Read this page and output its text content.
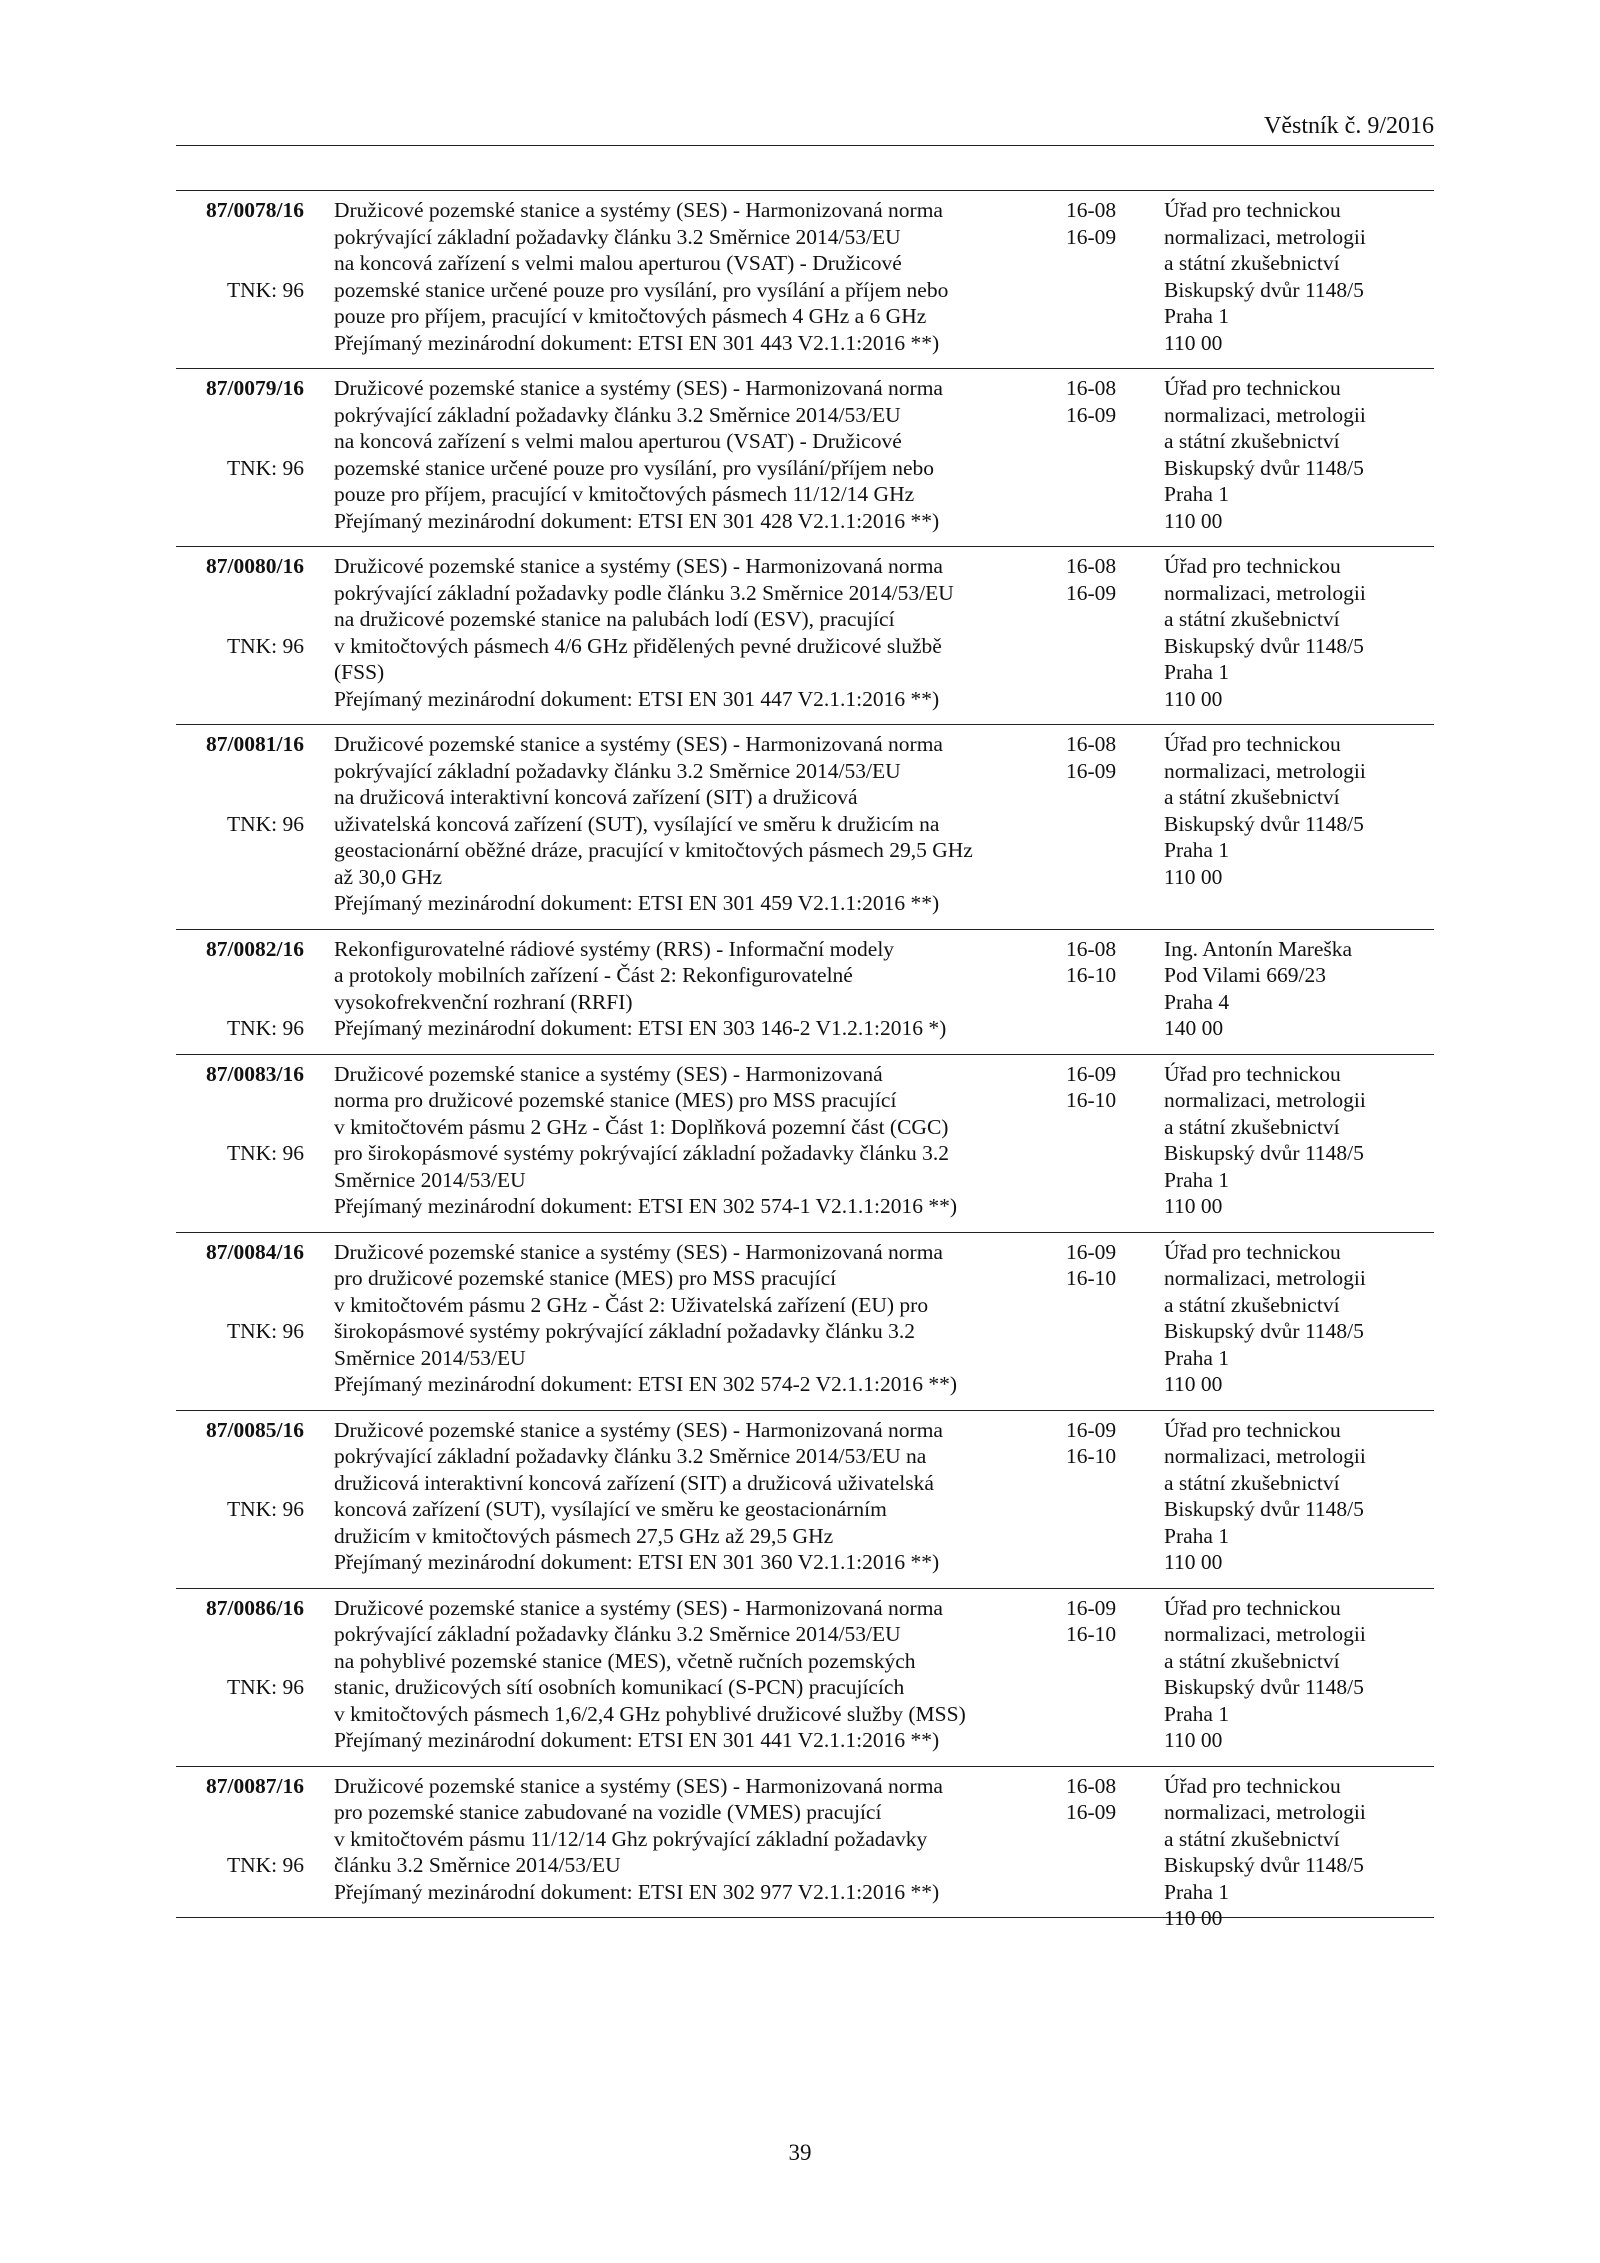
Věstník č. 9/2016
87/0078/16
TNK: 96
Družicové pozemské stanice a systémy (SES) - Harmonizovaná norma
pokrývající základní požadavky článku 3.2 Směrnice 2014/53/EU
na koncová zařízení s velmi malou aperturou (VSAT) - Družicové
pozemské stanice určené pouze pro vysílání, pro vysílání a příjem nebo
pouze pro příjem, pracující v kmitočtových pásmech 4 GHz a 6 GHz
Přejímaný mezinárodní dokument: ETSI EN 301 443 V2.1.1:2016 **)
16-08
16-09
Úřad pro technickou
normalizaci, metrologii
a státní zkušebnictví
Biskupský dvůr 1148/5
Praha 1
110 00
87/0079/16
TNK: 96
Družicové pozemské stanice a systémy (SES) - Harmonizovaná norma
pokrývající základní požadavky článku 3.2 Směrnice 2014/53/EU
na koncová zařízení s velmi malou aperturou (VSAT) - Družicové
pozemské stanice určené pouze pro vysílání, pro vysílání/příjem nebo
pouze pro příjem, pracující v kmitočtových pásmech 11/12/14 GHz
Přejímaný mezinárodní dokument: ETSI EN 301 428 V2.1.1:2016 **)
16-08
16-09
Úřad pro technickou
normalizaci, metrologii
a státní zkušebnictví
Biskupský dvůr 1148/5
Praha 1
110 00
87/0080/16
TNK: 96
Družicové pozemské stanice a systémy (SES) - Harmonizovaná norma
pokrývající základní požadavky podle článku 3.2 Směrnice 2014/53/EU
na družicové pozemské stanice na palubách lodí (ESV), pracující
v kmitočtových pásmech 4/6 GHz přidělených pevné družicové službě
(FSS)
Přejímaný mezinárodní dokument: ETSI EN 301 447 V2.1.1:2016 **)
16-08
16-09
Úřad pro technickou
normalizaci, metrologii
a státní zkušebnictví
Biskupský dvůr 1148/5
Praha 1
110 00
87/0081/16
TNK: 96
Družicové pozemské stanice a systémy (SES) - Harmonizovaná norma
pokrývající základní požadavky článku 3.2 Směrnice 2014/53/EU
na družicová interaktivní koncová zařízení (SIT) a družicová
uživatelská koncová zařízení (SUT), vysílající ve směru k družicím na
geostacionární oběžné dráze, pracující v kmitočtových pásmech 29,5 GHz
až 30,0 GHz
Přejímaný mezinárodní dokument: ETSI EN 301 459 V2.1.1:2016 **)
16-08
16-09
Úřad pro technickou
normalizaci, metrologii
a státní zkušebnictví
Biskupský dvůr 1148/5
Praha 1
110 00
87/0082/16
TNK: 96
Rekonfigurovatelné rádiové systémy (RRS) - Informační modely
a protokoly mobilních zařízení - Část 2: Rekonfigurovatelné
vysokofrekvenční rozhraní (RRFI)
Přejímaný mezinárodní dokument: ETSI EN 303 146-2 V1.2.1:2016 *)
16-08
16-10
Ing. Antonín Mareška
Pod Vilami 669/23
Praha 4
140 00
87/0083/16
TNK: 96
Družicové pozemské stanice a systémy (SES) - Harmonizovaná
norma pro družicové pozemské stanice (MES) pro MSS pracující
v kmitočtovém pásmu 2 GHz - Část 1: Doplňková pozemní část (CGC)
pro širokopásmové systémy pokrývající základní požadavky článku 3.2
Směrnice 2014/53/EU
Přejímaný mezinárodní dokument: ETSI EN 302 574-1 V2.1.1:2016 **)
16-09
16-10
Úřad pro technickou
normalizaci, metrologii
a státní zkušebnictví
Biskupský dvůr 1148/5
Praha 1
110 00
87/0084/16
TNK: 96
Družicové pozemské stanice a systémy (SES) - Harmonizovaná norma
pro družicové pozemské stanice (MES) pro MSS pracující
v kmitočtovém pásmu 2 GHz - Část 2: Uživatelská zařízení (EU) pro
širokopásmové systémy pokrývající základní požadavky článku 3.2
Směrnice 2014/53/EU
Přejímaný mezinárodní dokument: ETSI EN 302 574-2 V2.1.1:2016 **)
16-09
16-10
Úřad pro technickou
normalizaci, metrologii
a státní zkušebnictví
Biskupský dvůr 1148/5
Praha 1
110 00
87/0085/16
TNK: 96
Družicové pozemské stanice a systémy (SES) - Harmonizovaná norma
pokrývající základní požadavky článku 3.2 Směrnice 2014/53/EU na
družicová interaktivní koncová zařízení (SIT) a družicová uživatelská
koncová zařízení (SUT), vysílající ve směru ke geostacionárním
družicím v kmitočtových pásmech 27,5 GHz až 29,5 GHz
Přejímaný mezinárodní dokument: ETSI EN 301 360 V2.1.1:2016 **)
16-09
16-10
Úřad pro technickou
normalizaci, metrologii
a státní zkušebnictví
Biskupský dvůr 1148/5
Praha 1
110 00
87/0086/16
TNK: 96
Družicové pozemské stanice a systémy (SES) - Harmonizovaná norma
pokrývající základní požadavky článku 3.2 Směrnice 2014/53/EU
na pohyblivé pozemské stanice (MES), včetně ručních pozemských
stanic, družicových sítí osobních komunikací (S-PCN) pracujících
v kmitočtových pásmech 1,6/2,4 GHz pohyblivé družicové služby (MSS)
Přejímaný mezinárodní dokument: ETSI EN 301 441 V2.1.1:2016 **)
16-09
16-10
Úřad pro technickou
normalizaci, metrologii
a státní zkušebnictví
Biskupský dvůr 1148/5
Praha 1
110 00
87/0087/16
TNK: 96
Družicové pozemské stanice a systémy (SES) - Harmonizovaná norma
pro pozemské stanice zabudované na vozidle (VMES) pracující
v kmitočtovém pásmu 11/12/14 Ghz pokrývající základní požadavky
článku 3.2 Směrnice 2014/53/EU
Přejímaný mezinárodní dokument: ETSI EN 302 977 V2.1.1:2016 **)
16-08
16-09
Úřad pro technickou
normalizaci, metrologii
a státní zkušebnictví
Biskupský dvůr 1148/5
Praha 1
110 00
39
